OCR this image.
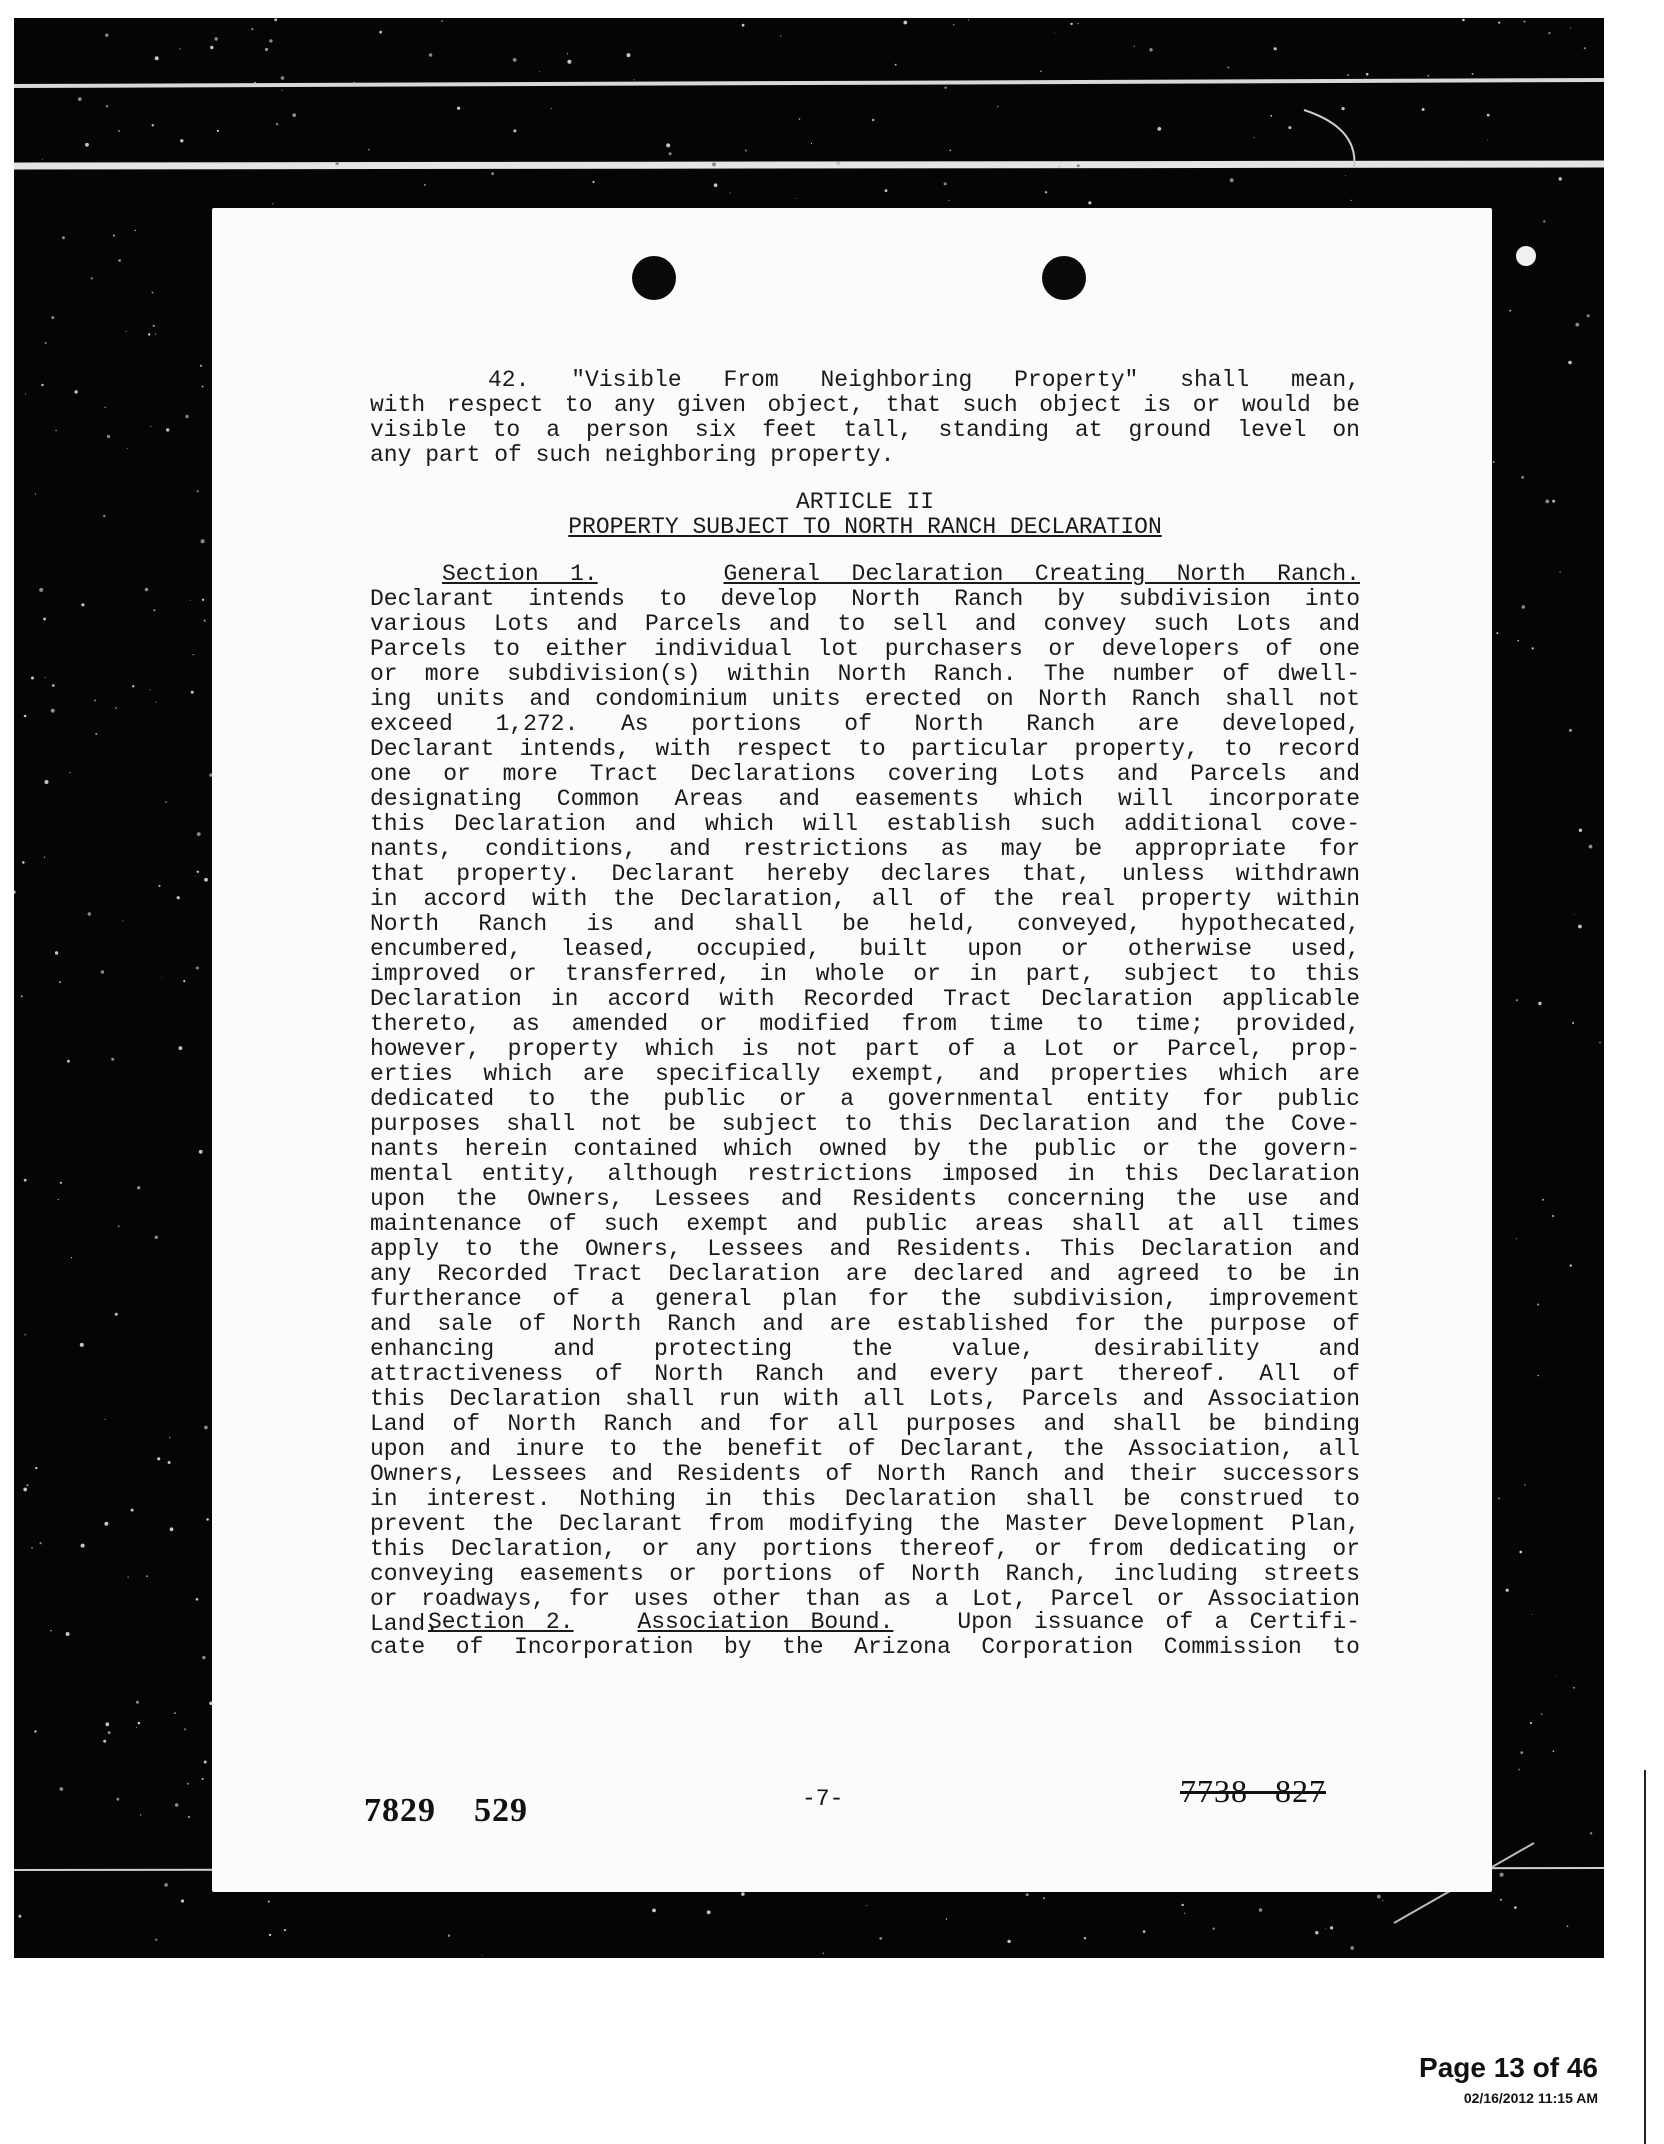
42. "Visible From Neighboring Property" shall mean,
with respect to any given object, that such object is or would be
visible to a person six feet tall, standing at ground level on
any part of such neighboring property.
ARTICLE II
PROPERTY SUBJECT TO NORTH RANCH DECLARATION
Section 1.	General Declaration Creating North Ranch.
Declarant intends to develop North Ranch by subdivision into
various Lots and Parcels and to sell and convey such Lots and
Parcels to either individual lot purchasers or developers of one
or more subdivision(s) within North Ranch. The number of dwell-
ing units and condominium units erected on North Ranch shall not
exceed 1,272. As portions of North Ranch are developed,
Declarant intends, with respect to particular property, to record
one or more Tract Declarations covering Lots and Parcels and
designating Common Areas and easements which will incorporate
this Declaration and which will establish such additional cove-
nants, conditions, and restrictions as may be appropriate for
that property. Declarant hereby declares that, unless withdrawn
in accord with the Declaration, all of the real property within
North Ranch is and shall be held, conveyed, hypothecated,
encumbered, leased, occupied, built upon or otherwise used,
improved or transferred, in whole or in part, subject to this
Declaration in accord with Recorded Tract Declaration applicable
thereto, as amended or modified from time to time; provided,
however, property which is not part of a Lot or Parcel, prop-
erties which are specifically exempt, and properties which are
dedicated to the public or a governmental entity for public
purposes shall not be subject to this Declaration and the Cove-
nants herein contained which owned by the public or the govern-
mental entity, although restrictions imposed in this Declaration
upon the Owners, Lessees and Residents concerning the use and
maintenance of such exempt and public areas shall at all times
apply to the Owners, Lessees and Residents. This Declaration and
any Recorded Tract Declaration are declared and agreed to be in
furtherance of a general plan for the subdivision, improvement
and sale of North Ranch and are established for the purpose of
enhancing and protecting the value, desirability and
attractiveness of North Ranch and every part thereof. All of
this Declaration shall run with all Lots, Parcels and Association
Land of North Ranch and for all purposes and shall be binding
upon and inure to the benefit of Declarant, the Association, all
Owners, Lessees and Residents of North Ranch and their successors
in interest. Nothing in this Declaration shall be construed to
prevent the Declarant from modifying the Master Development Plan,
this Declaration, or any portions thereof, or from dedicating or
conveying easements or portions of North Ranch, including streets
or roadways, for uses other than as a Lot, Parcel or Association
Land.
Section 2.	Association Bound.	Upon issuance of a Certifi-
cate of Incorporation by the Arizona Corporation Commission to
7829    529	-7-	7738   827
Page 13 of 46
02/16/2012 11:15 AM
